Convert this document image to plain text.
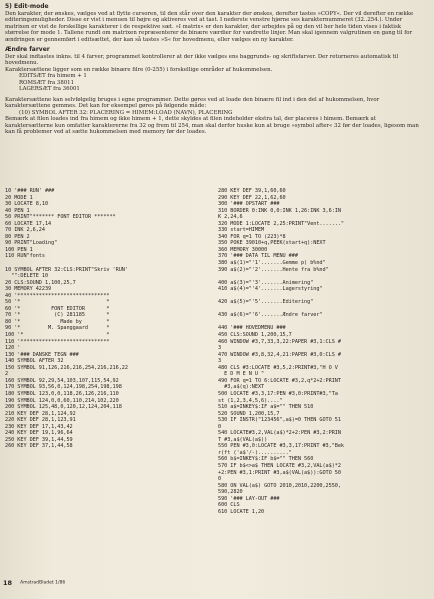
5) Edit-mode

Den karakter, der ønskes, vælges ved at flytte cursoren, til den står over den karakter der ønskes, derefter tastes »COPY«. Der vil derefter en række editeringsmuligheder. Disse er vist i menuen til højre og aktiveres ved at tast. I nederste venstre hjørne ses karakternummeret (32..254.). Under matrixen er vist de forskellige karakterer i de respektive sæt. »I matrix« er den karakter, der arbejdes på og den vil her hele tiden vises i faktisk størrelse for mode 1. Tallene rundt om matrixen repræsenterer de binære værdier for vandrette linjer. Man skal igennem valgrutinen en gang til for ændringen er gennemført i editsættet, der kan så tastes »S« for hovedmenu, eller vælges en ny karakter.

Ændre farver

Der skal indtastes inkns. til 4 farver, programmet kontrollerer at der ikke vælges ens baggrunds- og skriftsfarver. Der returneres automatisk til hovedmenu.

Karaktersættene ligger som en række binære filre (0-255) i forskellige områder af hukommelsen.

EDITSÆT fra himem + 1

ROMSÆT fra 38011

LAGERSÆT fra 36001

Karaktersættene kan selvfølgelig bruges i egne programmer. Dette gøres ved at loade den binære fil ind i den del af hukommelsen, hvor karaktersættene gemmes. Det kan for eksempel gøres på følgende måde:

(10) SYMBOL AFTER 32: PLACERING = HIMEM:LOAD (NAVN), PLACERING

Bemærk at filen loades ind fra himem og ikke himem + 1, dette skyldes at filen indeholder ekstra tal, der placeres i himem. Bemærk at karaktersætterne kun omfatter karaktererne fra 32 og frem til 254, man skal derfor huske kun at bruge »symbol after« 32 før der loades, ligesom man kan få problemer ved at sætte hukommelsen med memory før der loades.

10 '### RUN' ###
20 MODE 1
30 LOCATE 8,10
40 PEN 1
50 PRINT"******* FONT EDITOR *******
60 LOCATE 17,14
70 INK 2,6,24
80 PEN 2
90 PRINT"Loading"
100 PEN 1
110 RUN"fonts
10 SYMBOL AFTER 32:CLS:PRINT"Skriv 'RUN'
"":DELETE 10
20 CLS:SOUND 1,100,25,7
30 MEMORY 42239
40 '******************************
50 '*                            *
60 '*          FONT EDITOR       *
70 '*           (C) 281185       *
80 '*             Made by        *
90 '*         M. Spanggaard      *
100 '*                           *
110 '*****************************
120 '
130 '### DANSKE TEGN ###
140 SYMBOL AFTER 32
150 SYMBOL 91,126,216,216,254,216,216,22
2
160 SYMBOL 92,29,54,103,107,115,54,92
170 SYMBOL 93,56,0,124,198,254,198,198
180 SYMBOL 123,0,0,118,26,126,216,110
190 SYMBOL 124,0,0,60,110,214,102,220
200 SYMBOL 125,48,0,120,12,124,204,118
210 KEY DEF 28,1,124,92
220 KEY DEF 28,1,123,91
230 KEY DEF 17,1,43,42
240 KEY DEF 19,1,96,64
250 KEY DEF 39,1,44,59
260 KEY DEF 37,1,44,58
280 KEY DEF 39,1,60,60
290 KEY DEF 22,1,62,60
300 '### OPSTART ###
310 BORDER 0:INK 0,0:INK 1,26:INK 3,6:IN
K 2,24,6
320 MODE 1:LOCATE 2,25:PRINT"Vent......."
330 start=HIMEM
340 FOR q=1 TO (223)*8
350 POKE 39010+q,PEEK(start+q):NEXT
360 MEMORY 30000
370 '### DATA TIL MENU ###
380 a$(1)="'1'.......Gemme p) b%nd"
390 a$(2)="'2'.......Hente fra b%nd"
400 a$(3)="'3'.......Animering"
410 a$(4)="'4'.......Lagerstyring"
420 a$(5)="'5'.......Editering"
430 a$(6)="'6'.......Ændre farver"
440 '### HOVEDMENU ###
450 CLS:SOUND 1,200,15,7
460 WINDOW #3,7,33,3,22:PAPER #3,1:CLS #
3
470 WINDOW #3,8,32,4,21:PAPER #3,0:CLS #
3
480 CLS #3:LOCATE #3,5,2:PRINT#3,"H O V
E D M E N U "
490 FOR q=1 TO 6:LOCATE #3,2,q*2+2:PRINT
#3,a$(q):NEXT
500 LOCATE #3,3,17:PEN #3,0:PRINT#3,"Ta
st (1,2,3,4,5,6)...."
510 a$=INKEY$:IF a$="" THEN 510
520 SOUND 1,200,15,7
530 IF INSTR("123456",a$)=0 THEN GOTO 51
0
540 LOCATE#3,2,VAL(a$)*2+2:PEN #3,2:PRIN
T #3,a$(VAL(a$))
550 PEN #3,0:LOCATE #3,3,17:PRINT #3,"Bek
r(ft ('a$'/-).........."
560 b$=INKEY$:IF b$="" THEN 560
570 IF b$<>a$ THEN LOCATE #3,2,VAL(a$)*2
+2:PEN #3,1:PRINT #3,a$(VAL(a$)):GOTO 50
0
580 ON VAL(a$) GOTO 2010,2010,2200,2550,
590,2820
590 '### LAY-OUT ###
600 CLS
610 LOCATE 1,20
18 AmstradBladet 1/86
